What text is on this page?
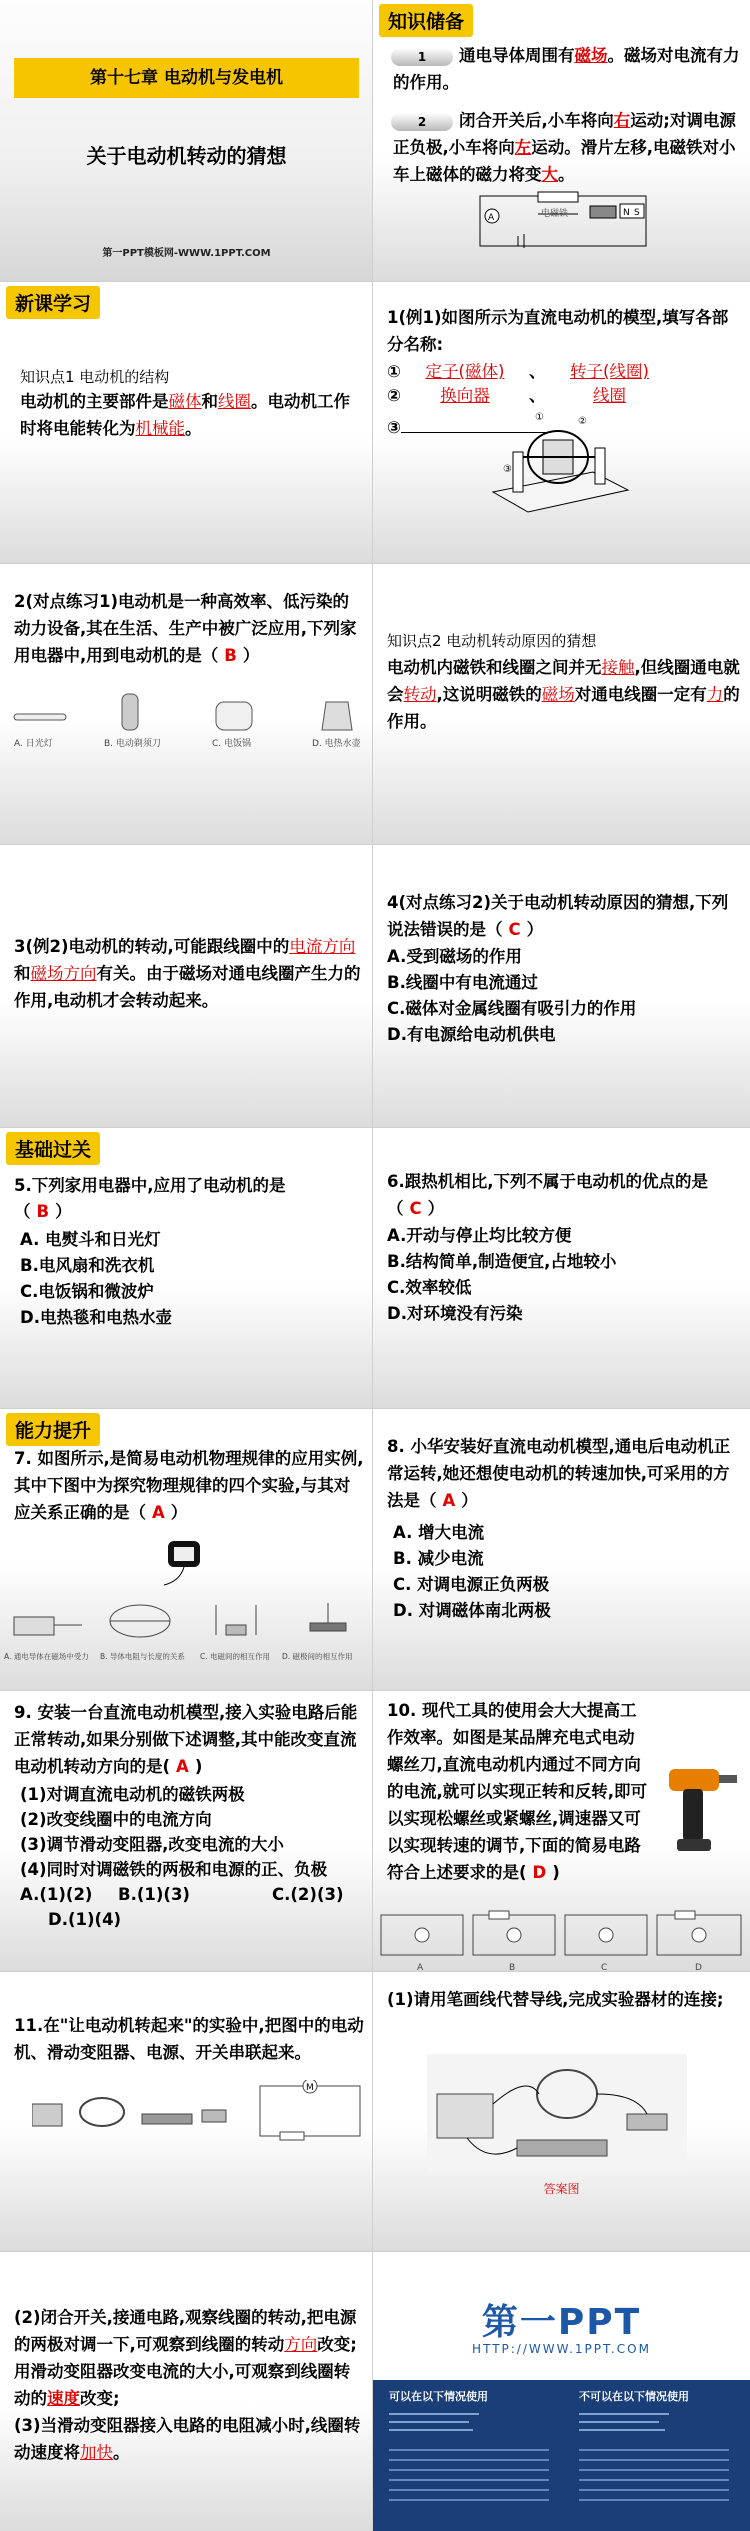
第十七章 电动机与发电机
关于电动机转动的猜想
第一PPT模板网-WWW.1PPT.COM
知识储备
1	通电导体周围有磁场。磁场对电流有力的作用。
2	闭合开关后,小车将向右运动;对调电源正负极,小车将向左运动。滑片左移,电磁铁对小车上磁体的磁力将变大。
A	N S
电磁铁
新课学习
知识点1 电动机的结构
电动机的主要部件是磁体和线圈。电动机工作时将电能转化为机械能。
1(例1)如图所示为直流电动机的模型,填写各部分名称:
① 定子(磁体) 、 转子(线圈)
② 换向器 、	线圈
③
①	②
③
2(对点练习1)电动机是一种高效率、低污染的动力设备,其在生活、生产中被广泛应用,下列家用电器中,用到电动机的是（ B ）
A. 日光灯	B. 电动剃须刀	C. 电饭锅	D. 电热水壶
知识点2 电动机转动原因的猜想
电动机内磁铁和线圈之间并无接触,但线圈通电就会转动,这说明磁铁的磁场对通电线圈一定有力的作用。
3(例2)电动机的转动,可能跟线圈中的电流方向和磁场方向有关。由于磁场对通电线圈产生力的作用,电动机才会转动起来。
4(对点练习2)关于电动机转动原因的猜想,下列说法错误的是（ C ）
A.受到磁场的作用
B.线圈中有电流通过
C.磁体对金属线圈有吸引力的作用
D.有电源给电动机供电
基础过关
5.下列家用电器中,应用了电动机的是
（ B ）
A. 电熨斗和日光灯
B.电风扇和洗衣机
C.电饭锅和微波炉
D.电热毯和电热水壶
6.跟热机相比,下列不属于电动机的优点的是（ C ）
A.开动与停止均比较方便
B.结构简单,制造便宜,占地较小
C.效率较低
D.对环境没有污染
能力提升
7. 如图所示,是简易电动机物理规律的应用实例,其中下图中为探究物理规律的四个实验,与其对应关系正确的是（ A ）
A. 通电导体在磁场中受力 B. 导体电阻与长度的关系 C. 电磁间的相互作用 D. 磁极间的相互作用
8. 小华安装好直流电动机模型,通电后电动机正常运转,她还想使电动机的转速加快,可采用的方法是（ A ）
A. 增大电流
B. 减少电流
C. 对调电源正负两极
D. 对调磁体南北两极
9. 安装一台直流电动机模型,接入实验电路后能正常转动,如果分别做下述调整,其中能改变直流电动机转动方向的是( A )
(1)对调直流电动机的磁铁两极
(2)改变线圈中的电流方向
(3)调节滑动变阻器,改变电流的大小
(4)同时对调磁铁的两极和电源的正、负极
A.(1)(2) B.(1)(3)	C.(2)(3)
D.(1)(4)
10. 现代工具的使用会大大提高工作效率。如图是某品牌充电式电动螺丝刀,直流电动机内通过不同方向的电流,就可以实现正转和反转,即可以实现松螺丝或紧螺丝,调速器又可以实现转速的调节,下面的简易电路符合上述要求的是( D )
A	B	C	D
11.在"让电动机转起来"的实验中,把图中的电动机、滑动变阻器、电源、开关串联起来。
M
(1)请用笔画线代替导线,完成实验器材的连接;
答案图
(2)闭合开关,接通电路,观察线圈的转动,把电源的两极对调一下,可观察到线圈的转动方向改变;用滑动变阻器改变电流的大小,可观察到线圈转动的速度改变;
(3)当滑动变阻器接入电路的电阻减小时,线圈转动速度将加快。
第一PPT
HTTP://WWW.1PPT.COM
可以在以下情况使用	不可以在以下情况使用
